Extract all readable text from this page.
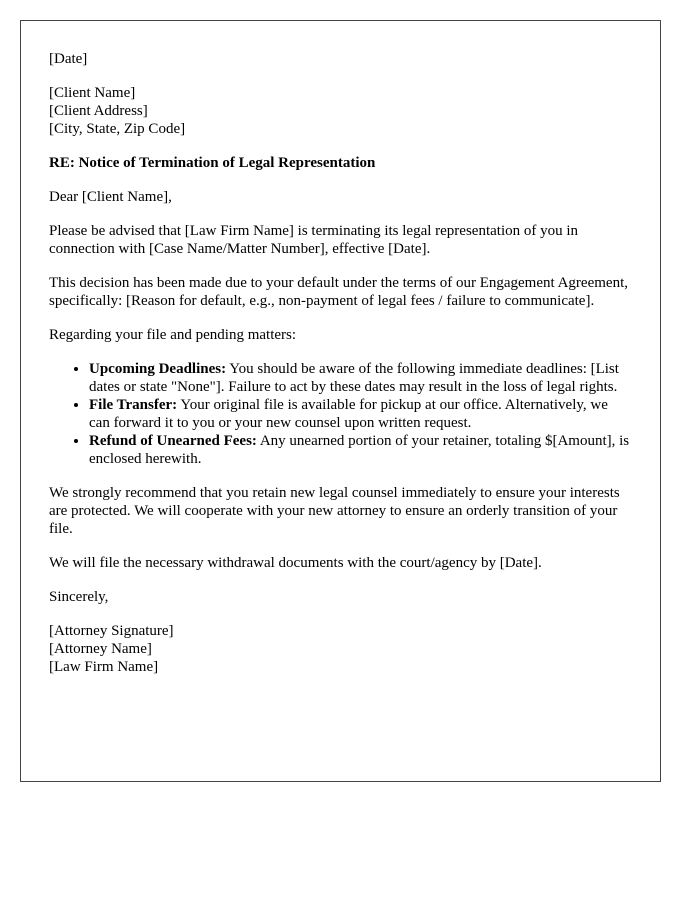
[Date]

[Client Name]
[Client Address]
[City, State, Zip Code]

RE: Notice of Termination of Legal Representation

Dear [Client Name],

Please be advised that [Law Firm Name] is terminating its legal representation of you in connection with [Case Name/Matter Number], effective [Date].

This decision has been made due to your default under the terms of our Engagement Agreement, specifically: [Reason for default, e.g., non-payment of legal fees / failure to communicate].

Regarding your file and pending matters:

• Upcoming Deadlines: You should be aware of the following immediate deadlines: [List dates or state "None"]. Failure to act by these dates may result in the loss of legal rights.
• File Transfer: Your original file is available for pickup at our office. Alternatively, we can forward it to you or your new counsel upon written request.
• Refund of Unearned Fees: Any unearned portion of your retainer, totaling $[Amount], is enclosed herewith.

We strongly recommend that you retain new legal counsel immediately to ensure your interests are protected. We will cooperate with your new attorney to ensure an orderly transition of your file.

We will file the necessary withdrawal documents with the court/agency by [Date].

Sincerely,

[Attorney Signature]
[Attorney Name]
[Law Firm Name]
